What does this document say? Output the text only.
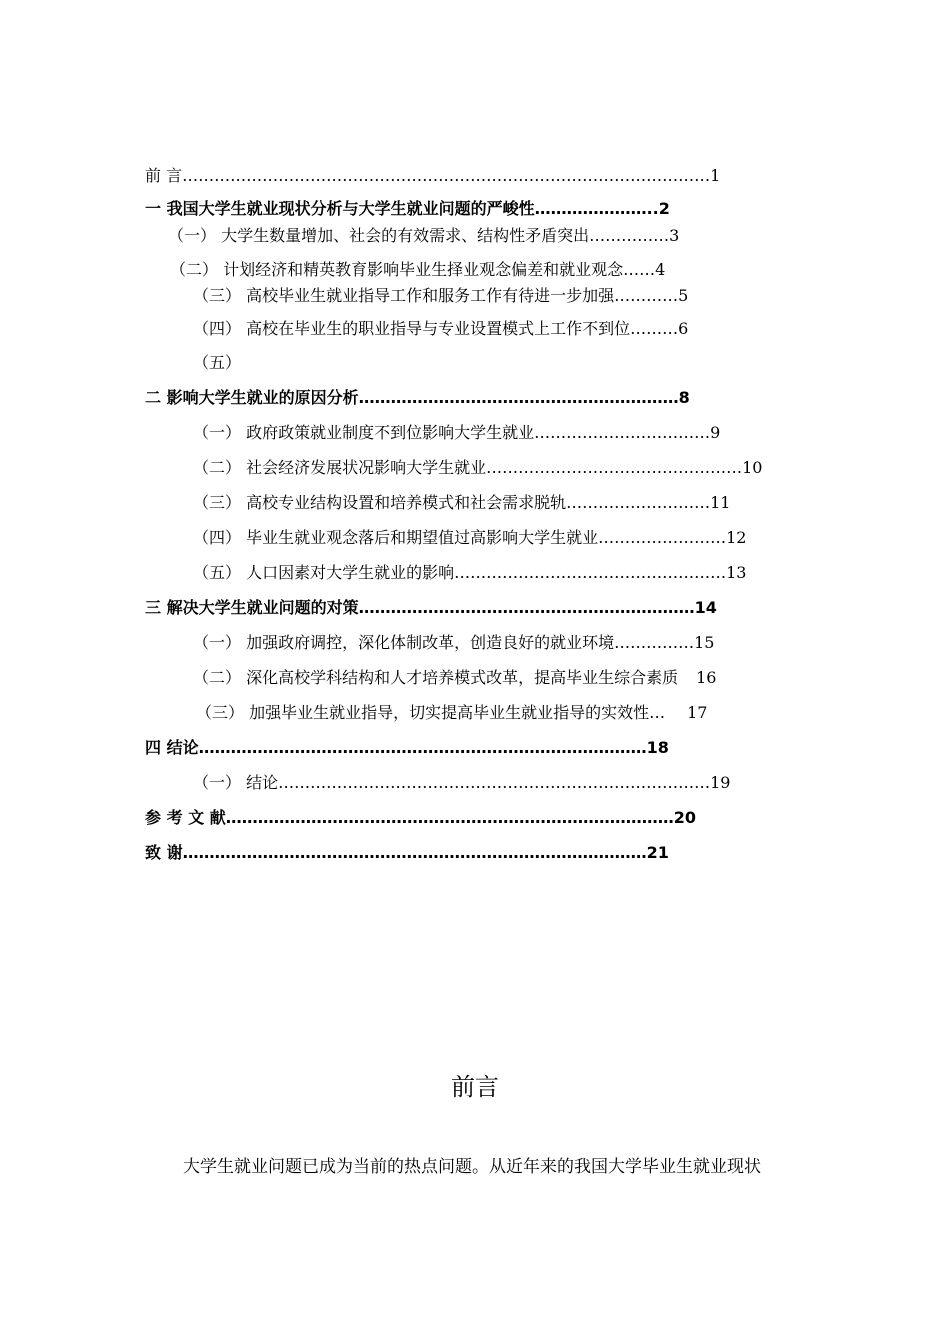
前 言………………………………………………………………………………………1
一 我国大学生就业现状分析与大学生就业问题的严峻性…………………..2
（一） 大学生数量增加、社会的有效需求、结构性矛盾突出……………3
（二） 计划经济和精英教育影响毕业生择业观念偏差和就业观念……4
（三） 高校毕业生就业指导工作和服务工作有待进一步加强…………5
（四） 高校在毕业生的职业指导与专业设置模式上工作不到位………6
（五）
二 影响大学生就业的原因分析……………………………………………………8
（一） 政府政策就业制度不到位影响大学生就业……………………………9
（二） 社会经济发展状况影响大学生就业…………………………………………10
（三） 高校专业结构设置和培养模式和社会需求脱轨………………………11
（四） 毕业生就业观念落后和期望值过高影响大学生就业……………………12
（五） 人口因素对大学生就业的影响……………………………………………13
三 解决大学生就业问题的对策………………………………………………………14
（一） 加强政府调控，深化体制改革，创造良好的就业环境……………15
（二） 深化高校学科结构和人才培养模式改革，提高毕业生综合素质 16
（三） 加强毕业生就业指导，切实提高毕业生就业指导的实效性… 17
四 结论…………………………………………………………………………18
（一） 结论………………………………………………………………………19
参 考 文 献…………………………………………………………………………20
致 谢……………………………………………………………………………21
前言
大学生就业问题已成为当前的热点问题。从近年来的我国大学毕业生就业现状
